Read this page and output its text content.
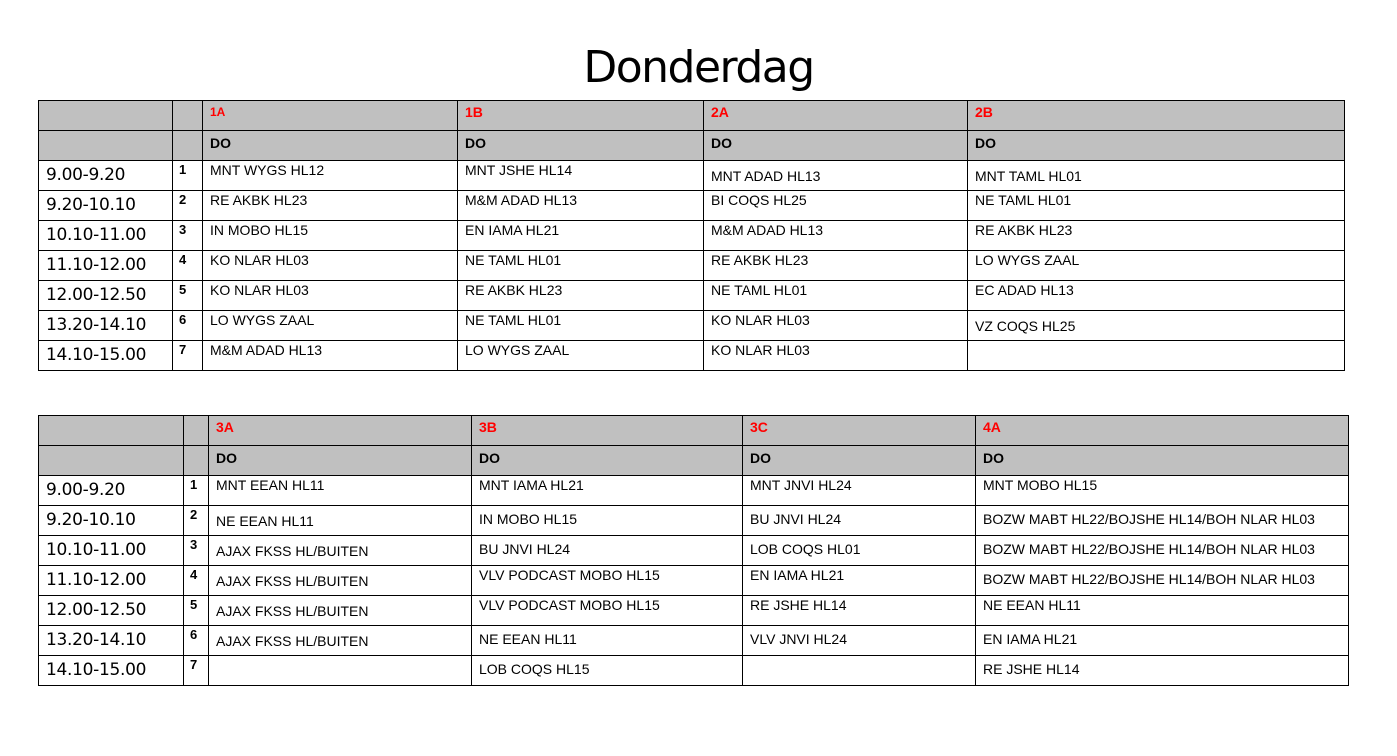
Donderdag

		1A	1B	2A	2B

		DO	DO	DO	DO

9.00-9.20	1	MNT WYGS HL12	MNT JSHE HL14	MNT ADAD HL13	MNT TAML HL01

9.20-10.10	2	RE AKBK HL23	M&M ADAD HL13	BI COQS HL25	NE TAML HL01

10.10-11.00	3	IN MOBO HL15	EN IAMA HL21	M&M ADAD HL13	RE AKBK HL23

11.10-12.00	4	KO NLAR HL03	NE TAML HL01	RE AKBK HL23	LO WYGS ZAAL

12.00-12.50	5	KO NLAR HL03	RE AKBK HL23	NE TAML HL01	EC ADAD HL13

13.20-14.10	6	LO WYGS ZAAL	NE TAML HL01	KO NLAR HL03	VZ COQS HL25

14.10-15.00	7	M&M ADAD HL13	LO WYGS ZAAL	KO NLAR HL03	

		3A	3B	3C	4A

		DO	DO	DO	DO

9.00-9.20	1	MNT EEAN HL11	MNT IAMA HL21	MNT JNVI HL24	MNT MOBO HL15

9.20-10.10	2	NE EEAN HL11	IN MOBO HL15	BU JNVI HL24	BOZW MABT HL22/BOJSHE HL14/BOH NLAR HL03

10.10-11.00	3	AJAX FKSS HL/BUITEN	BU JNVI HL24	LOB COQS HL01	BOZW MABT HL22/BOJSHE HL14/BOH NLAR HL03

11.10-12.00	4	AJAX FKSS HL/BUITEN	VLV PODCAST MOBO HL15	EN IAMA HL21	BOZW MABT HL22/BOJSHE HL14/BOH NLAR HL03

12.00-12.50	5	AJAX FKSS HL/BUITEN	VLV PODCAST MOBO HL15	RE JSHE HL14	NE EEAN HL11

13.20-14.10	6	AJAX FKSS HL/BUITEN	NE EEAN HL11	VLV JNVI HL24	EN IAMA HL21

14.10-15.00	7		LOB COQS HL15		RE JSHE HL14
